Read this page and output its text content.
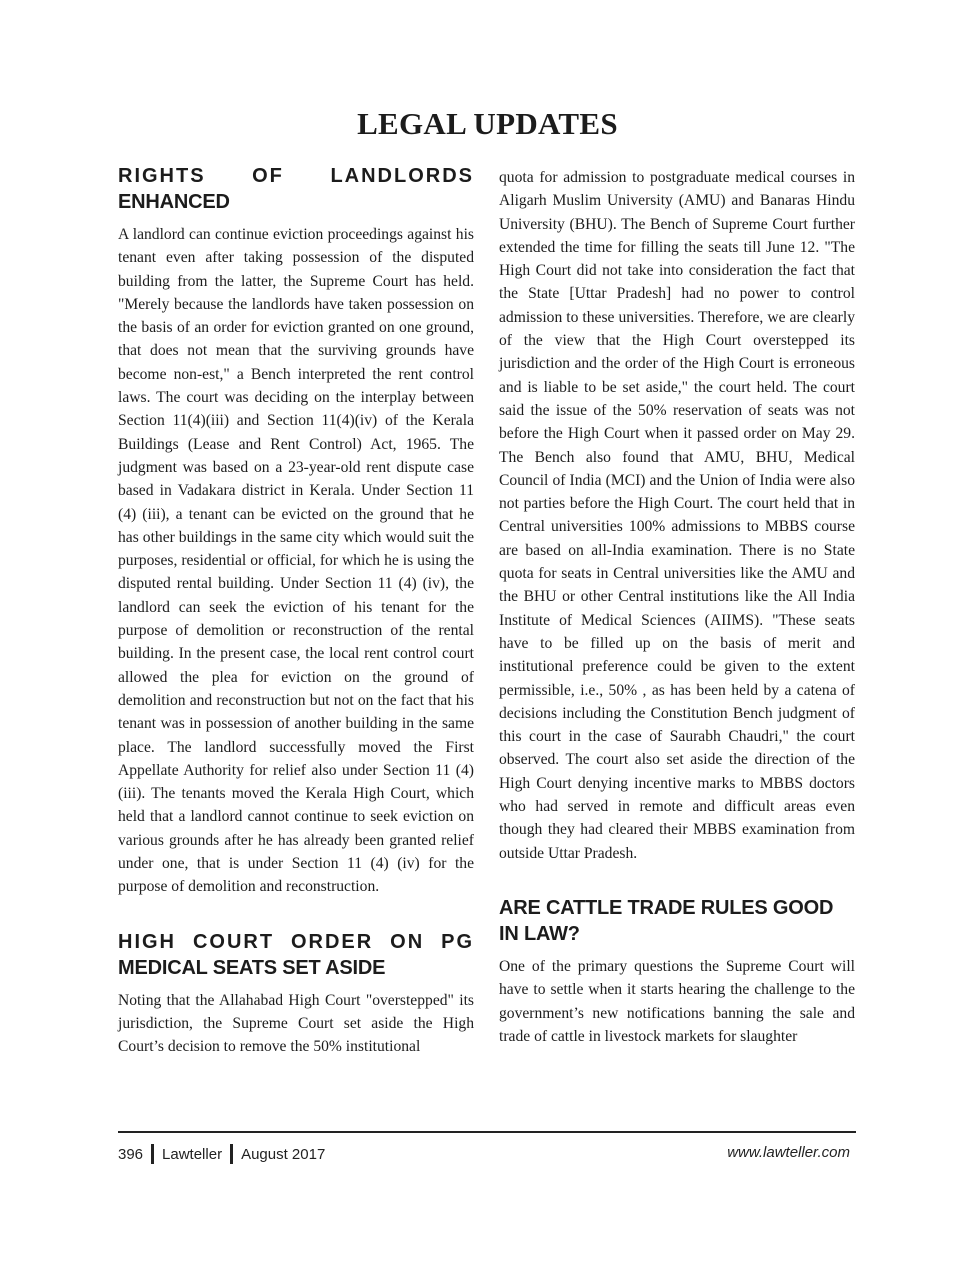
LEGAL UPDATES
RIGHTS OF LANDLORDS
ENHANCED

A landlord can continue eviction proceedings against his tenant even after taking possession of the disputed building from the latter, the Supreme Court has held. "Merely because the landlords have taken possession on the basis of an order for eviction granted on one ground, that does not mean that the surviving grounds have become non-est," a Bench interpreted the rent control laws. The court was deciding on the interplay between Section 11(4)(iii) and Section 11(4)(iv) of the Kerala Buildings (Lease and Rent Control) Act, 1965. The judgment was based on a 23-year-old rent dispute case based in Vadakara district in Kerala. Under Section 11 (4) (iii), a tenant can be evicted on the ground that he has other buildings in the same city which would suit the purposes, residential or official, for which he is using the disputed rental building. Under Section 11 (4) (iv), the landlord can seek the eviction of his tenant for the purpose of demolition or reconstruction of the rental building. In the present case, the local rent control court allowed the plea for eviction on the ground of demolition and reconstruction but not on the fact that his tenant was in possession of another building in the same place. The landlord successfully moved the First Appellate Authority for relief also under Section 11 (4) (iii). The tenants moved the Kerala High Court, which held that a landlord cannot continue to seek eviction on various grounds after he has already been granted relief under one, that is under Section 11 (4) (iv) for the purpose of demolition and reconstruction.

HIGH COURT ORDER ON PG
MEDICAL SEATS SET ASIDE

Noting that the Allahabad High Court "overstepped" its jurisdiction, the Supreme Court set aside the High Court’s decision to remove the 50% institutional

quota for admission to postgraduate medical courses in Aligarh Muslim University (AMU) and Banaras Hindu University (BHU). The Bench of Supreme Court further extended the time for filling the seats till June 12. "The High Court did not take into consideration the fact that the State [Uttar Pradesh] had no power to control admission to these universities. Therefore, we are clearly of the view that the High Court overstepped its jurisdiction and the order of the High Court is erroneous and is liable to be set aside," the court held. The court said the issue of the 50% reservation of seats was not before the High Court when it passed order on May 29. The Bench also found that AMU, BHU, Medical Council of India (MCI) and the Union of India were also not parties before the High Court. The court held that in Central universities 100% admissions to MBBS course are based on all-India examination. There is no State quota for seats in Central universities like the AMU and the BHU or other Central institutions like the All India Institute of Medical Sciences (AIIMS). "These seats have to be filled up on the basis of merit and institutional preference could be given to the extent permissible, i.e., 50% , as has been held by a catena of decisions including the Constitution Bench judgment of this court in the case of Saurabh Chaudri," the court observed. The court also set aside the direction of the High Court denying incentive marks to MBBS doctors who had served in remote and difficult areas even though they had cleared their MBBS examination from outside Uttar Pradesh.

ARE CATTLE TRADE RULES GOOD
IN LAW?

One of the primary questions the Supreme Court will have to settle when it starts hearing the challenge to the government’s new notifications banning the sale and trade of cattle in livestock markets for slaughter

396 Lawteller August 2017	www.lawteller.com
